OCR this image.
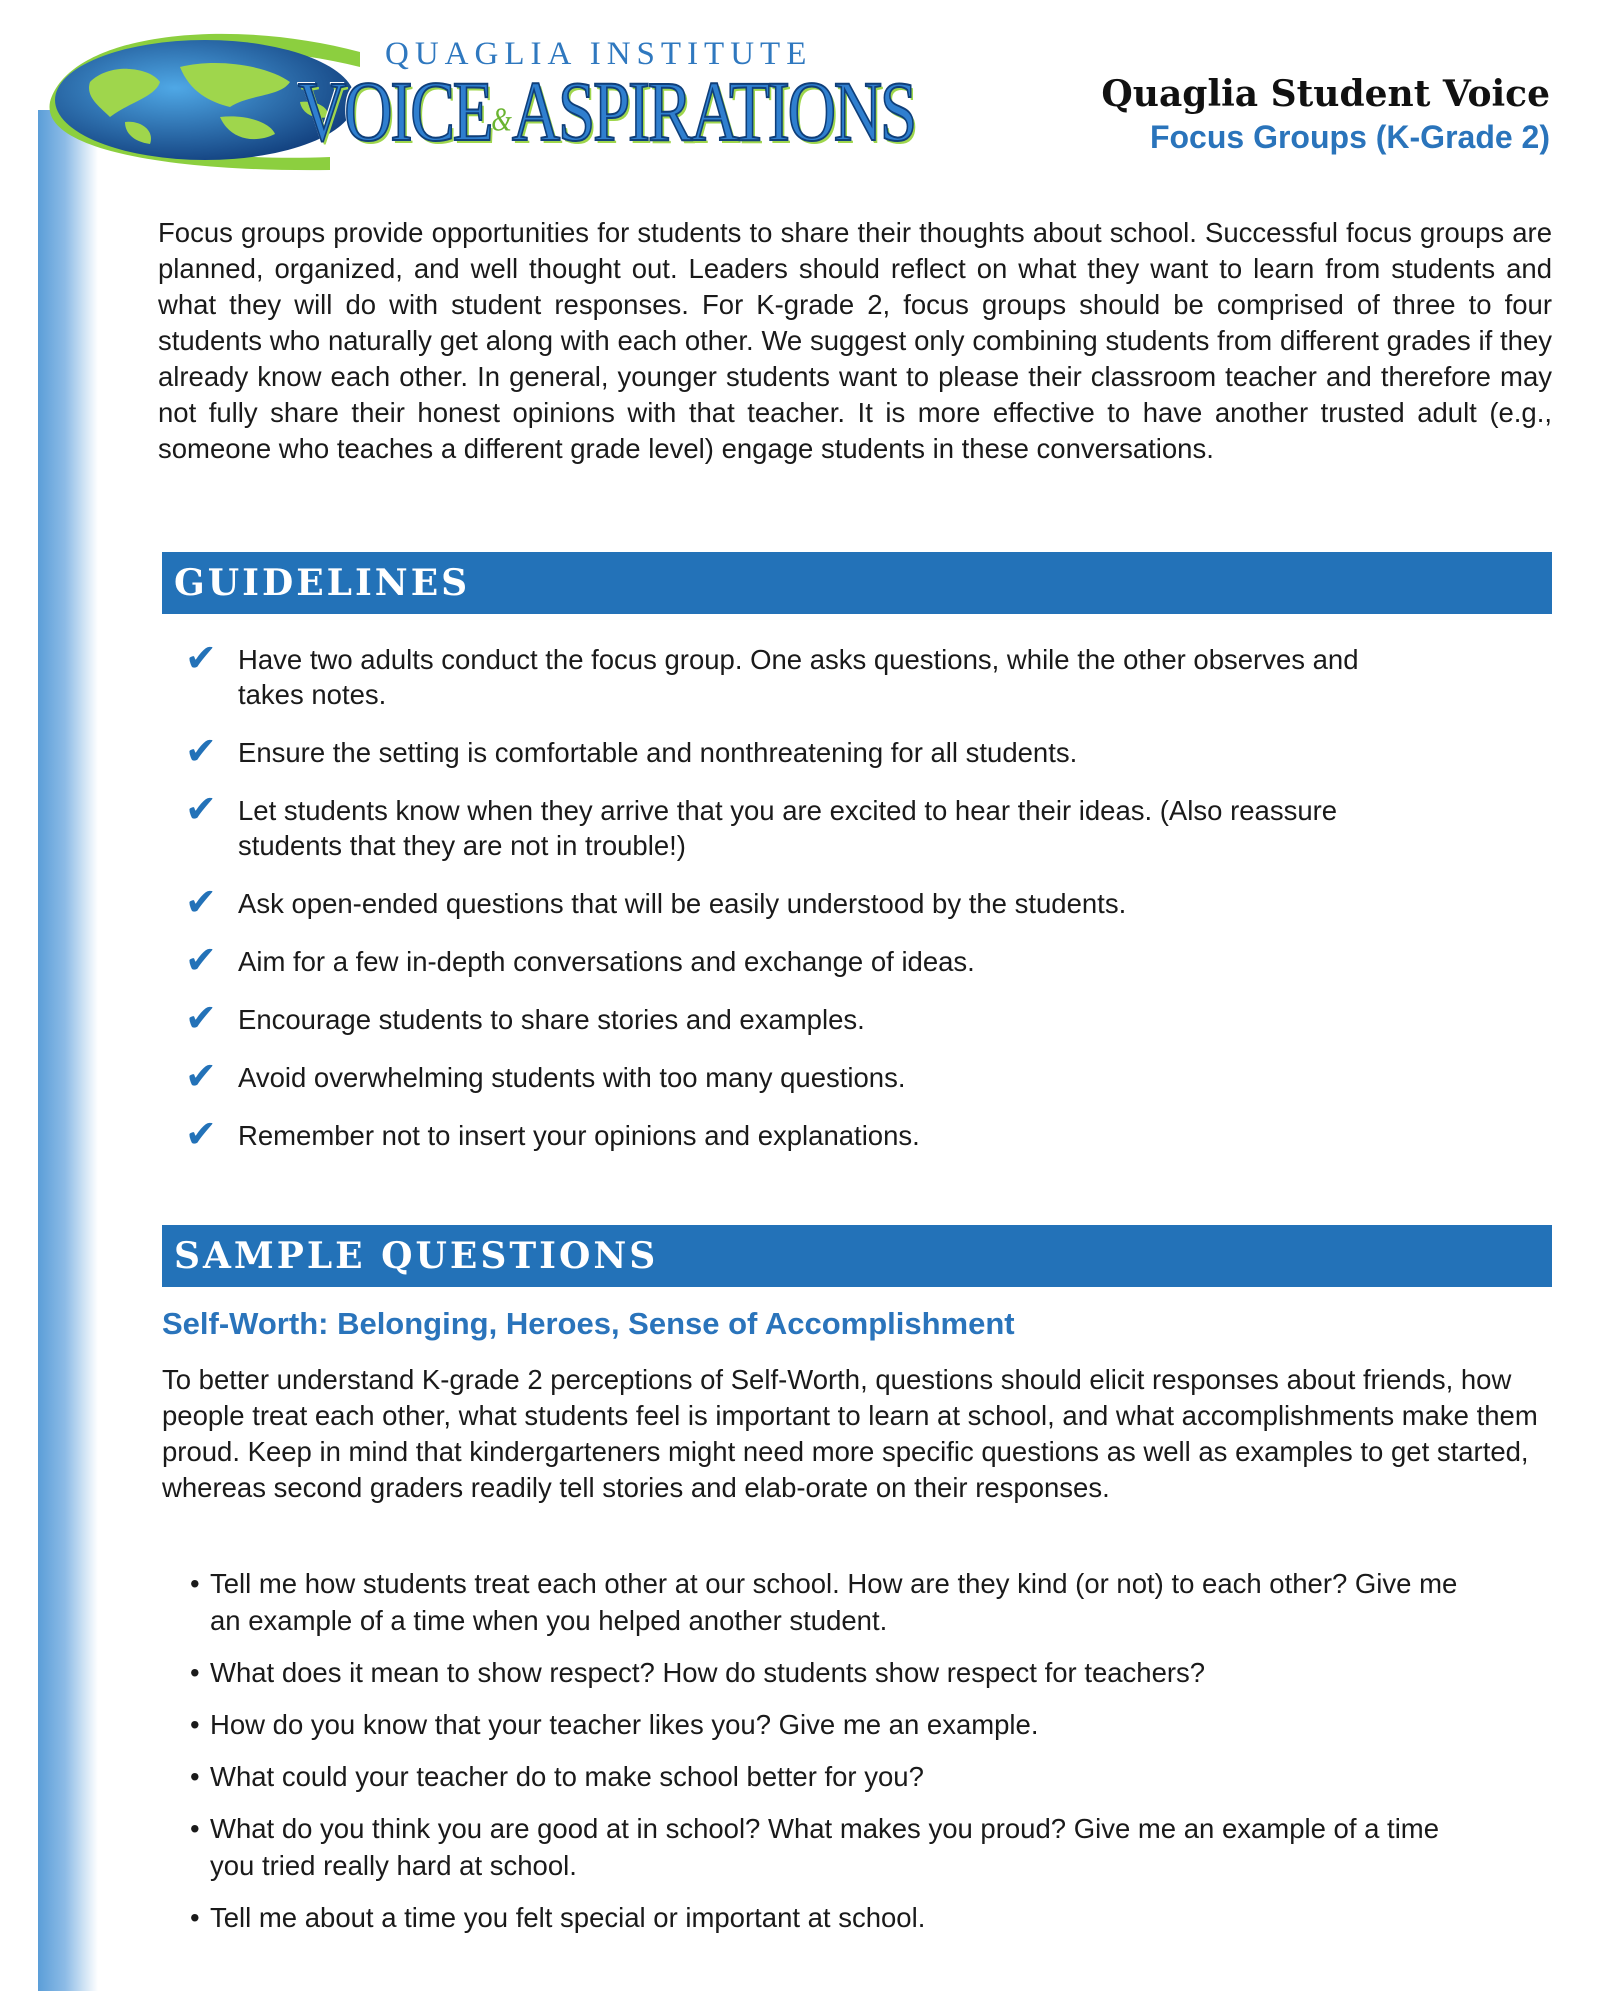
QUAGLIA INSTITUTE
VOICE&ASPIRATIONS	Quaglia Student Voice
Focus Groups (K-Grade 2)
Focus groups provide opportunities for students to share their thoughts about school. Successful focus groups are planned, organized, and well thought out. Leaders should reflect on what they want to learn from students and what they will do with student responses. For K-grade 2, focus groups should be comprised of three to four students who naturally get along with each other. We suggest only combining students from different grades if they already know each other. In general, younger students want to please their classroom teacher and therefore may not fully share their honest opinions with that teacher. It is more effective to have another trusted adult (e.g., someone who teaches a different grade level) engage students in these conversations.
GUIDELINES
✔ Have two adults conduct the focus group. One asks questions, while the other observes and takes notes.
✔ Ensure the setting is comfortable and nonthreatening for all students.
✔ Let students know when they arrive that you are excited to hear their ideas. (Also reassure students that they are not in trouble!)
✔ Ask open-ended questions that will be easily understood by the students.
✔ Aim for a few in-depth conversations and exchange of ideas.
✔ Encourage students to share stories and examples.
✔ Avoid overwhelming students with too many questions.
✔ Remember not to insert your opinions and explanations.
SAMPLE QUESTIONS
Self-Worth: Belonging, Heroes, Sense of Accomplishment
To better understand K-grade 2 perceptions of Self-Worth, questions should elicit responses about friends, how people treat each other, what students feel is important to learn at school, and what accomplishments make them proud. Keep in mind that kindergarteners might need more specific questions as well as examples to get started, whereas second graders readily tell stories and elab-orate on their responses.
• Tell me how students treat each other at our school. How are they kind (or not) to each other? Give me an example of a time when you helped another student.
• What does it mean to show respect? How do students show respect for teachers?
• How do you know that your teacher likes you? Give me an example.
• What could your teacher do to make school better for you?
• What do you think you are good at in school? What makes you proud? Give me an example of a time you tried really hard at school.
• Tell me about a time you felt special or important at school.
